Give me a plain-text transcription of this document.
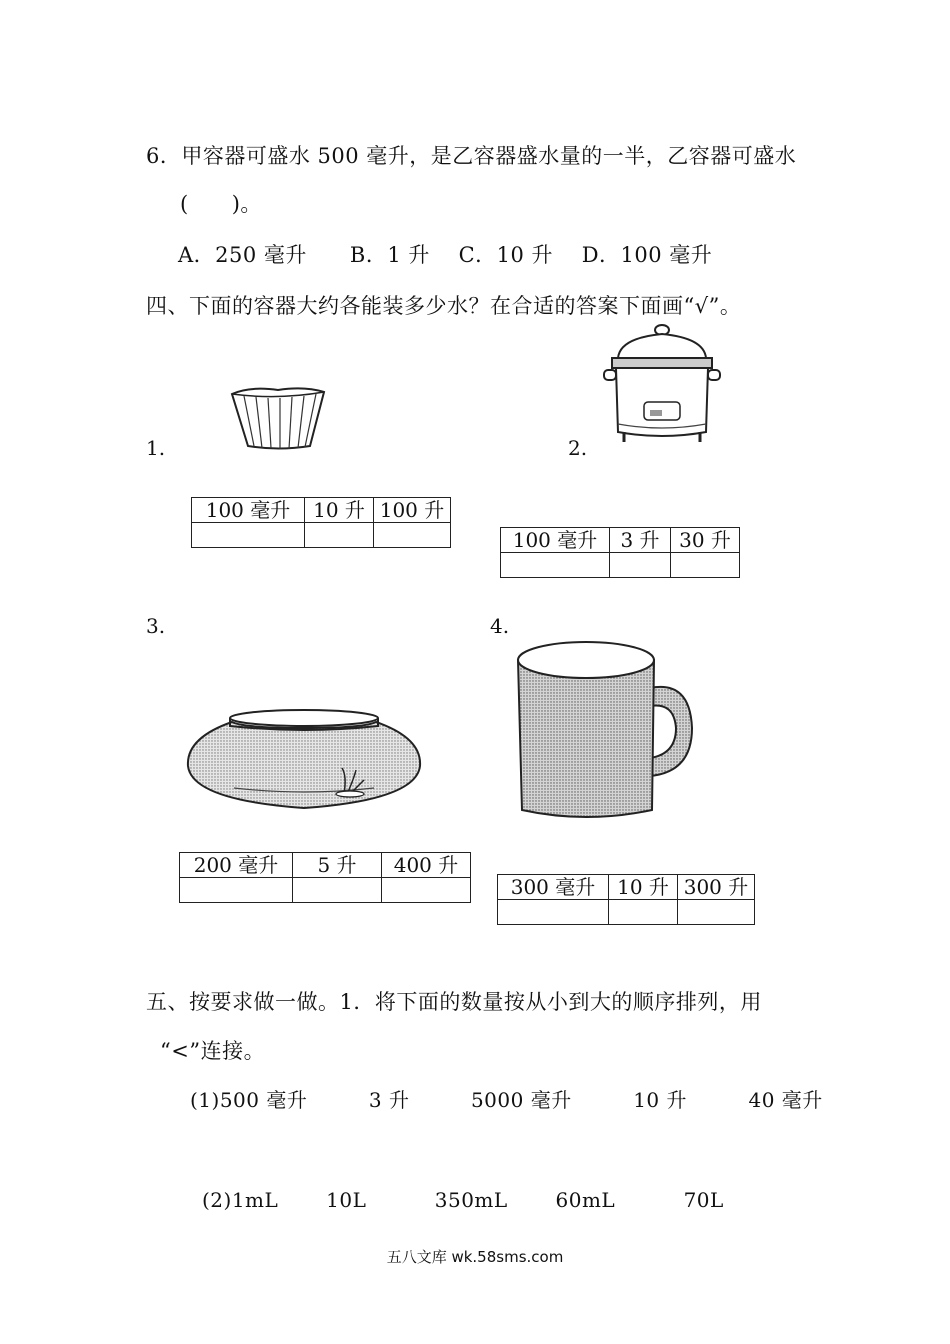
6．甲容器可盛水 500 毫升，是乙容器盛水量的一半，乙容器可盛水
(　　)。
A．250 毫升　　B．1 升　 C．10 升　 D．100 毫升
四、下面的容器大约各能装多少水？在合适的答案下面画“√”。
1.
100 毫升	10 升	100 升

2.
100 毫升	3 升	30 升

3.
200 毫升	5 升	400 升

4.
300 毫升	10 升	300 升

五、按要求做一做。1．将下面的数量按从小到大的顺序排列，用
“<”连接。
(1)500 毫升　　　3 升　　　5000 毫升　　　10 升　　　40 毫升
(2)1mL　　 10L　　　 350mL　　 60mL　　　 70L
五八文库 wk.58sms.com
